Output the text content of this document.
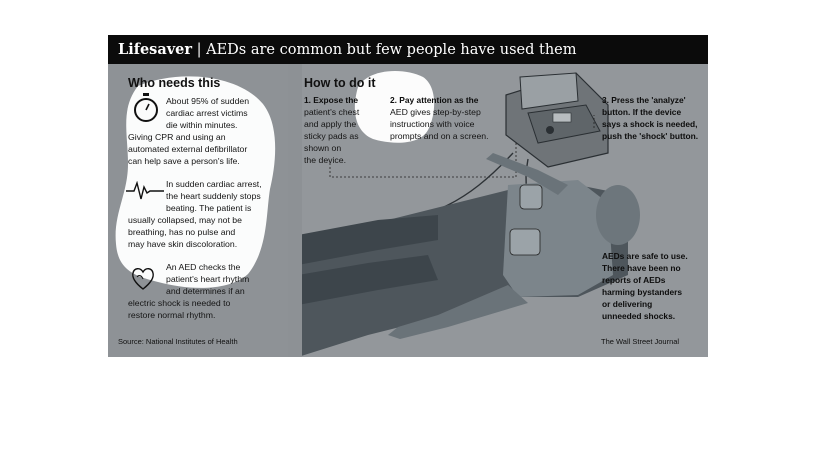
Lifesaver | AEDs are common but few people have used them
Who needs this
About 95% of sudden
cardiac arrest victims
die within minutes.
Giving CPR and using an
automated external defibrillator
can help save a person's life.
In sudden cardiac arrest,
the heart suddenly stops
beating. The patient is
usually collapsed, may not be
breathing, has no pulse and
may have skin discoloration.
An AED checks the
patient's heart rhythm
and determines if an
electric shock is needed to
restore normal rhythm.
How to do it
1. Expose the
patient's chest
and apply the
sticky pads as
shown on
the device.
2. Pay attention as the
AED gives step-by-step
instructions with voice
prompts and on a screen.
3. Press the 'analyze'
button. If the device
says a shock is needed,
push the 'shock' button.
AEDs are safe to use.
There have been no
reports of AEDs
harming bystanders
or delivering
unneeded shocks.
Source: National Institutes of Health	The Wall Street Journal
